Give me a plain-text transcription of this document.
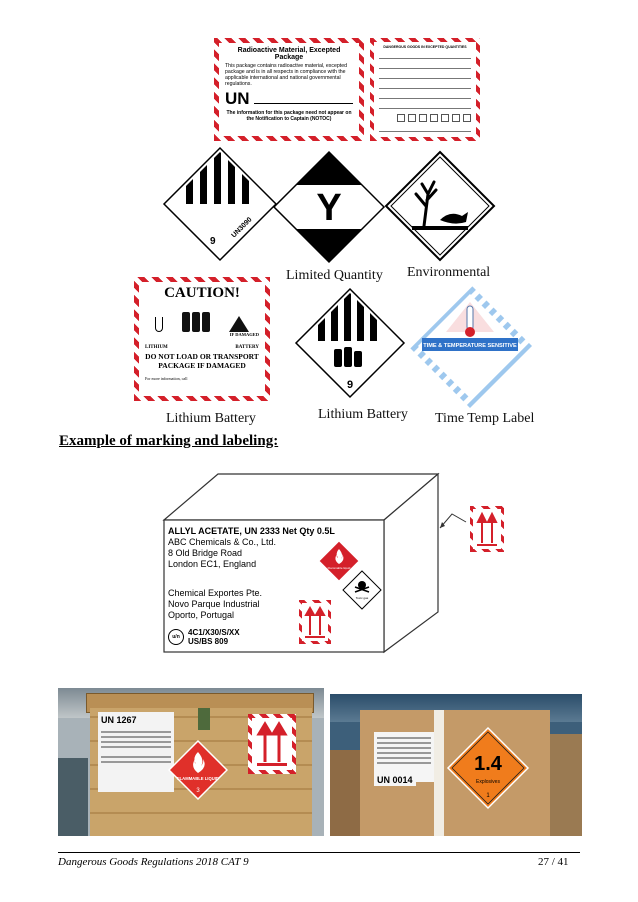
Radioactive Material, Excepted Package
This package contains radioactive material, excepted package and is in all respects in compliance with the applicable international and national governmental regulations.
UN
The information for this package need not appear on the Notification to Captain (NOTOC)
DANGEROUS GOODS IN EXCEPTED QUANTITIES
UN3090
9
Y
Limited Quantity Environmental
CAUTION!
IF DAMAGED
LITHIUM	BATTERY
DO NOT LOAD OR TRANSPORT
PACKAGE IF DAMAGED
For more information, call
9
TIME & TEMPERATURE SENSITIVE
Lithium Battery	Lithium Battery Time Temp Label
Example of marking and labeling:
ALLYL ACETATE, UN 2333 Net Qty 0.5L
ABC Chemicals & Co., Ltd.
8 Old Bridge Road
London EC1, England
Chemical Exportes Pte.
Novo Parque Industrial
Oporto, Portugal
u/n	4C1/X30/S/XX
US/BS 809
Flammable liquid
Toxic gas
UN 1267
FLAMMABLE LIQUID
3
UN 0014
1.4
Explosives
1
Dangerous Goods Regulations 2018 CAT 9	27 / 41
